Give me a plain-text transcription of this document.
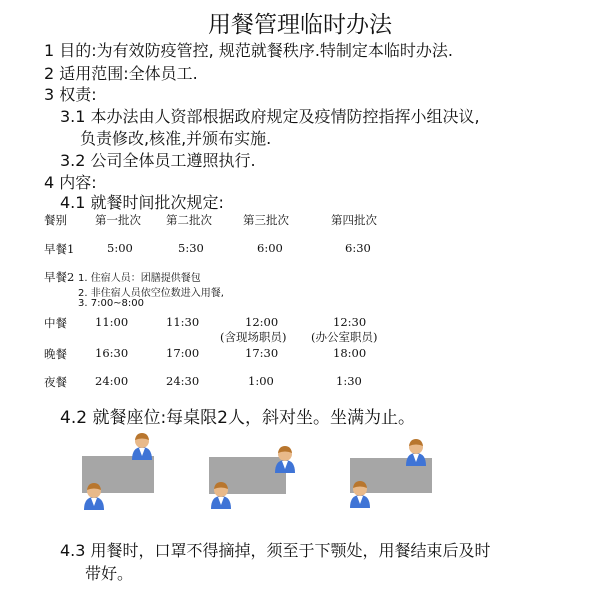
用餐管理临时办法
1 目的:为有效防疫管控, 规范就餐秩序.特制定本临时办法.
2 适用范围:全体员工.
3 权责:
3.1 本办法由人资部根据政府规定及疫情防控指挥小组决议,
负责修改,核准,并颁布实施.
3.2 公司全体员工遵照执行.
4 内容:
4.1 就餐时间批次规定:
餐别 第一批次 第二批次	第三批次	第四批次
早餐1	5:00	5:30	6:00	6:30
早餐2 1. 住宿人员：团膳提供餐包
2. 非住宿人员依空位数进入用餐,
3. 7:00~8:00
中餐 11:00	11:30	12:00	12:30
(含现场职员) (办公室职员)
晚餐 16:30	17:00	17:30	18:00
夜餐 24:00	24:30	1:00	1:30
4.2 就餐座位:每桌限2人，斜对坐。坐满为止。
4.3 用餐时，口罩不得摘掉，须至于下颚处，用餐结束后及时
带好。
